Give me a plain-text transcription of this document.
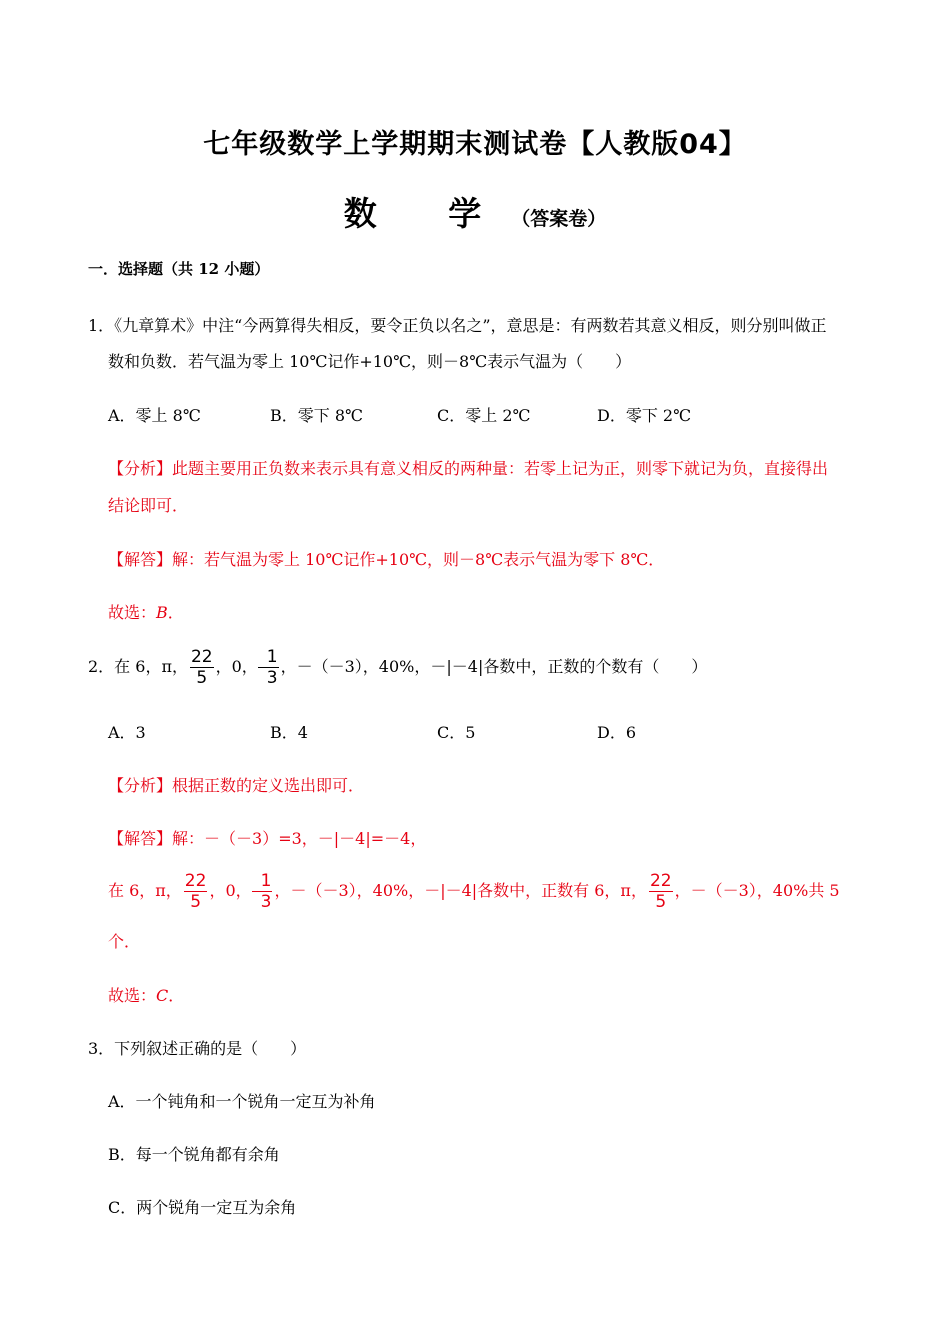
七年级数学上学期期末测试卷【人教版04】
数 学（答案卷）
一．选择题（共 12 小题）
1．《九章算术》中注“今两算得失相反，要令正负以名之”，意思是：有两数若其意义相反，则分别叫做正
数和负数．若气温为零上 10℃记作+10℃，则－8℃表示气温为（　　）
A．零上 8℃	B．零下 8℃	C．零上 2℃	D．零下 2℃
【分析】此题主要用正负数来表示具有意义相反的两种量：若零上记为正，则零下就记为负，直接得出
结论即可．
【解答】解：若气温为零上 10℃记作+10℃，则－8℃表示气温为零下 8℃．
故选：B．
2．在 6，π， $\frac{22}{5}$ ，0， $\frac{1}{3}$ ，－（－3），40%，－|－4|各数中，正数的个数有（　　）
A．3	B．4	C．5	D．6
【分析】根据正数的定义选出即可．
【解答】解：－（－3）=3，－|－4|=－4，
在 6，π， $\frac{22}{5}$ ，0， $\frac{1}{3}$ ，－（－3），40%，－|－4|各数中，正数有 6，π， $\frac{22}{5}$ ，－（－3），40%共 5
个．
故选：C．
3．下列叙述正确的是（　　）
A．一个钝角和一个锐角一定互为补角
B．每一个锐角都有余角
C．两个锐角一定互为余角
